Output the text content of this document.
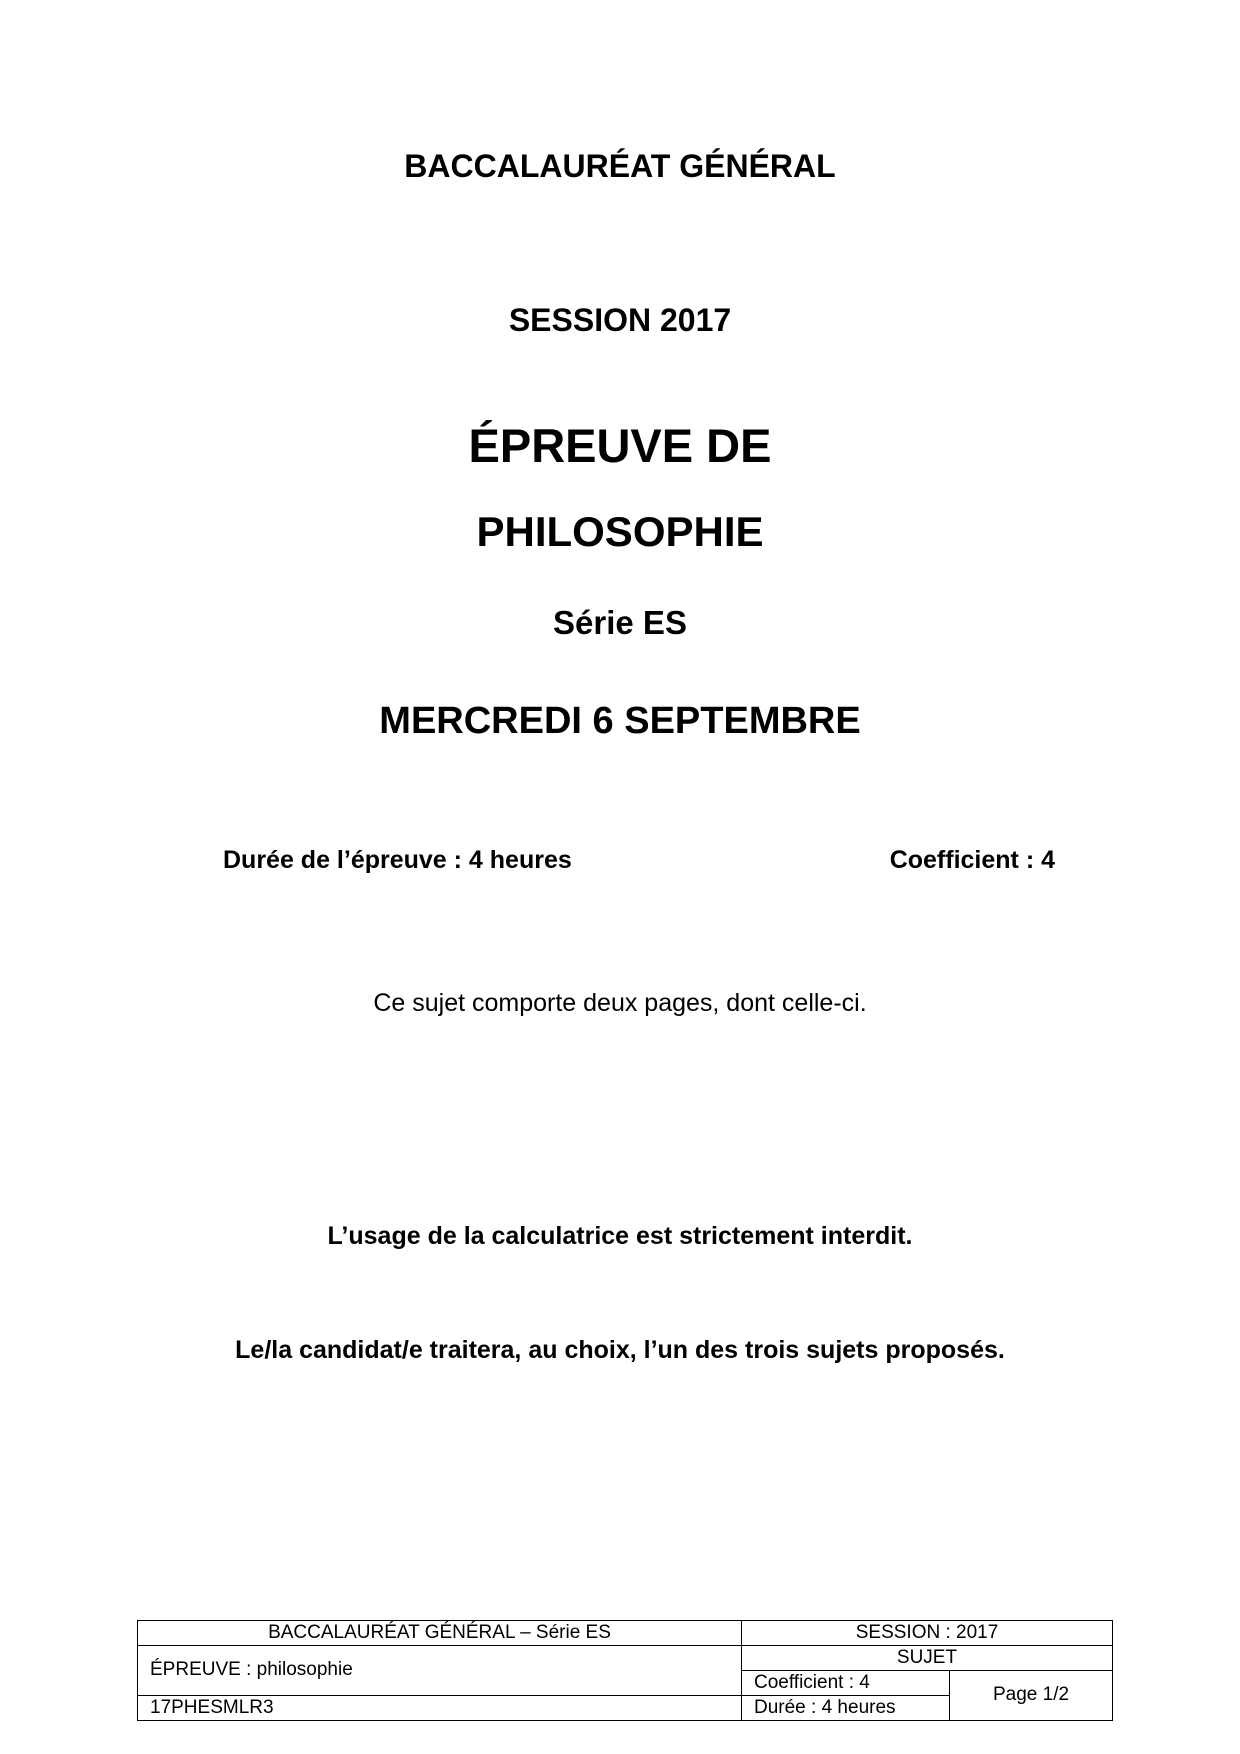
BACCALAURÉAT GÉNÉRAL
SESSION 2017
ÉPREUVE DE
PHILOSOPHIE
Série ES
MERCREDI 6 SEPTEMBRE
Durée de l’épreuve : 4 heures	Coefficient : 4
Ce sujet comporte deux pages, dont celle-ci.
L’usage de la calculatrice est strictement interdit.
Le/la candidat/e traitera, au choix, l’un des trois sujets proposés.
BACCALAURÉAT GÉNÉRAL – Série ES	SESSION : 2017	
ÉPREUVE : philosophie	SUJET	
	Coefficient : 4	Page 1/2
17PHESMLR3	Durée : 4 heures	
